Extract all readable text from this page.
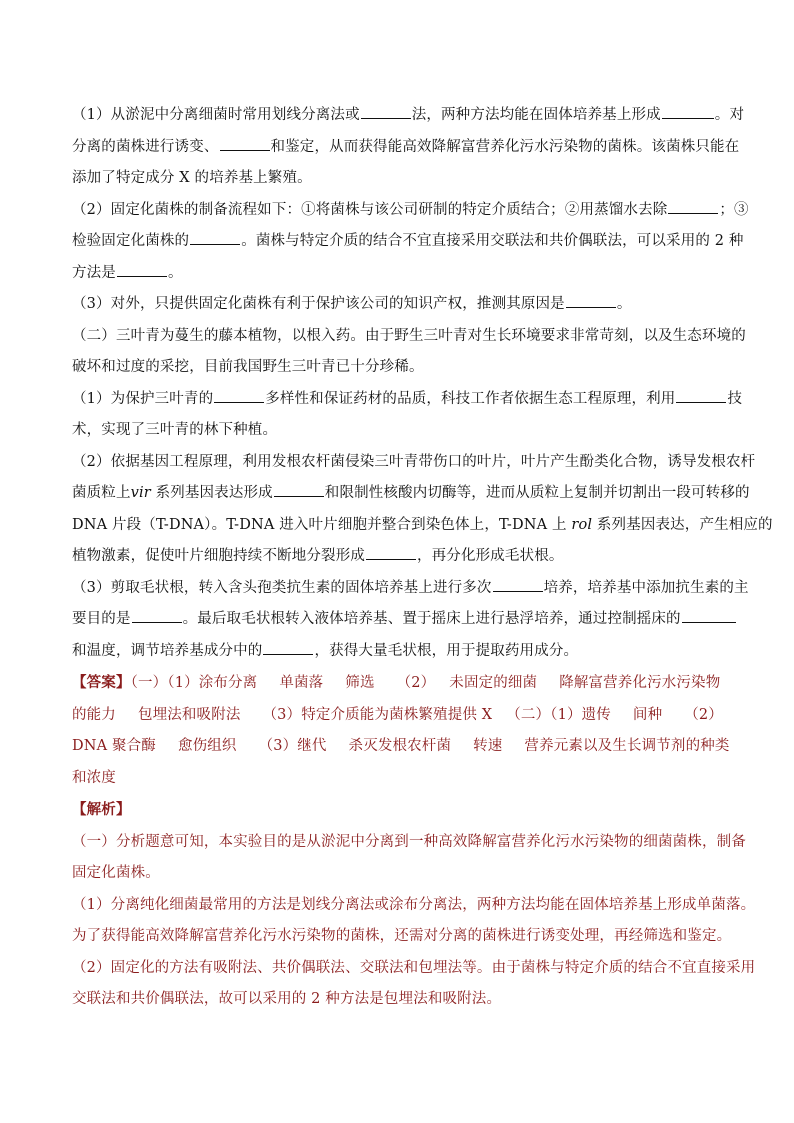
（1）从淤泥中分离细菌时常用划线分离法或	法，两种方法均能在固体培养基上形成	。对
分离的菌株进行诱变、	和鉴定，从而获得能高效降解富营养化污水污染物的菌株。该菌株只能在
添加了特定成分 X 的培养基上繁殖。
（2）固定化菌株的制备流程如下：①将菌株与该公司研制的特定介质结合；②用蒸馏水去除	；③
检验固定化菌株的	。菌株与特定介质的结合不宜直接采用交联法和共价偶联法，可以采用的 2 种
方法是	。
（3）对外，只提供固定化菌株有利于保护该公司的知识产权，推测其原因是	。
（二）三叶青为蔓生的藤本植物，以根入药。由于野生三叶青对生长环境要求非常苛刻，以及生态环境的
破坏和过度的采挖，目前我国野生三叶青已十分珍稀。
（1）为保护三叶青的	多样性和保证药材的品质，科技工作者依据生态工程原理，利用	技
术，实现了三叶青的林下种植。
（2）依据基因工程原理，利用发根农杆菌侵染三叶青带伤口的叶片，叶片产生酚类化合物，诱导发根农杆
菌质粒上vir 系列基因表达形成	和限制性核酸内切酶等，进而从质粒上复制并切割出一段可转移的
DNA 片段（T-DNA）。T-DNA 进入叶片细胞并整合到染色体上，T-DNA 上 rol 系列基因表达，产生相应的
植物激素，促使叶片细胞持续不断地分裂形成	，再分化形成毛状根。
（3）剪取毛状根，转入含头孢类抗生素的固体培养基上进行多次	培养，培养基中添加抗生素的主
要目的是	。最后取毛状根转入液体培养基、置于摇床上进行悬浮培养，通过控制摇床的
和温度，调节培养基成分中的	，获得大量毛状根，用于提取药用成分。
【答案】（一）（1）涂布分离 单菌落 筛选 （2） 未固定的细菌 降解富营养化污水污染物
的能力 包埋法和吸附法 （3）特定介质能为菌株繁殖提供 X （二）（1）遗传 间种 （2）
DNA 聚合酶 愈伤组织 （3）继代 杀灭发根农杆菌 转速 营养元素以及生长调节剂的种类
和浓度
【解析】
（一）分析题意可知，本实验目的是从淤泥中分离到一种高效降解富营养化污水污染物的细菌菌株，制备
固定化菌株。
（1）分离纯化细菌最常用的方法是划线分离法或涂布分离法，两种方法均能在固体培养基上形成单菌落。
为了获得能高效降解富营养化污水污染物的菌株，还需对分离的菌株进行诱变处理，再经筛选和鉴定。
（2）固定化的方法有吸附法、共价偶联法、交联法和包埋法等。由于菌株与特定介质的结合不宜直接采用
交联法和共价偶联法，故可以采用的 2 种方法是包埋法和吸附法。
